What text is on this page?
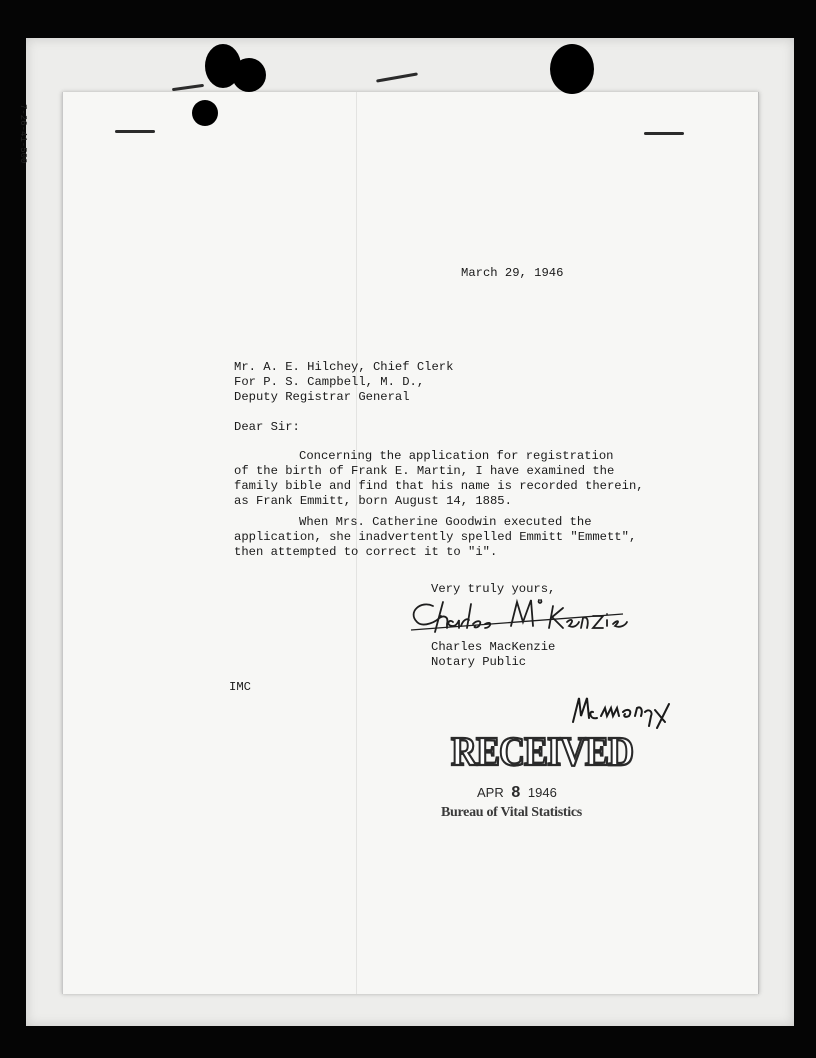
7-26-41-500
March 29, 1946
Mr. A. E. Hilchey, Chief Clerk
For P. S. Campbell, M. D.,
Deputy Registrar General
Dear Sir:
Concerning the application for registration
of the birth of Frank E. Martin, I have examined the
family bible and find that his name is recorded therein,
as Frank Emmitt, born August 14, 1885.
When Mrs. Catherine Goodwin executed the
application, she inadvertently spelled Emmitt "Emmett",
then attempted to correct it to "i".
Very truly yours,
Charles MacKenzie
Notary Public
IMC
RECEIVED
APR 8 1946
Bureau of Vital Statistics
